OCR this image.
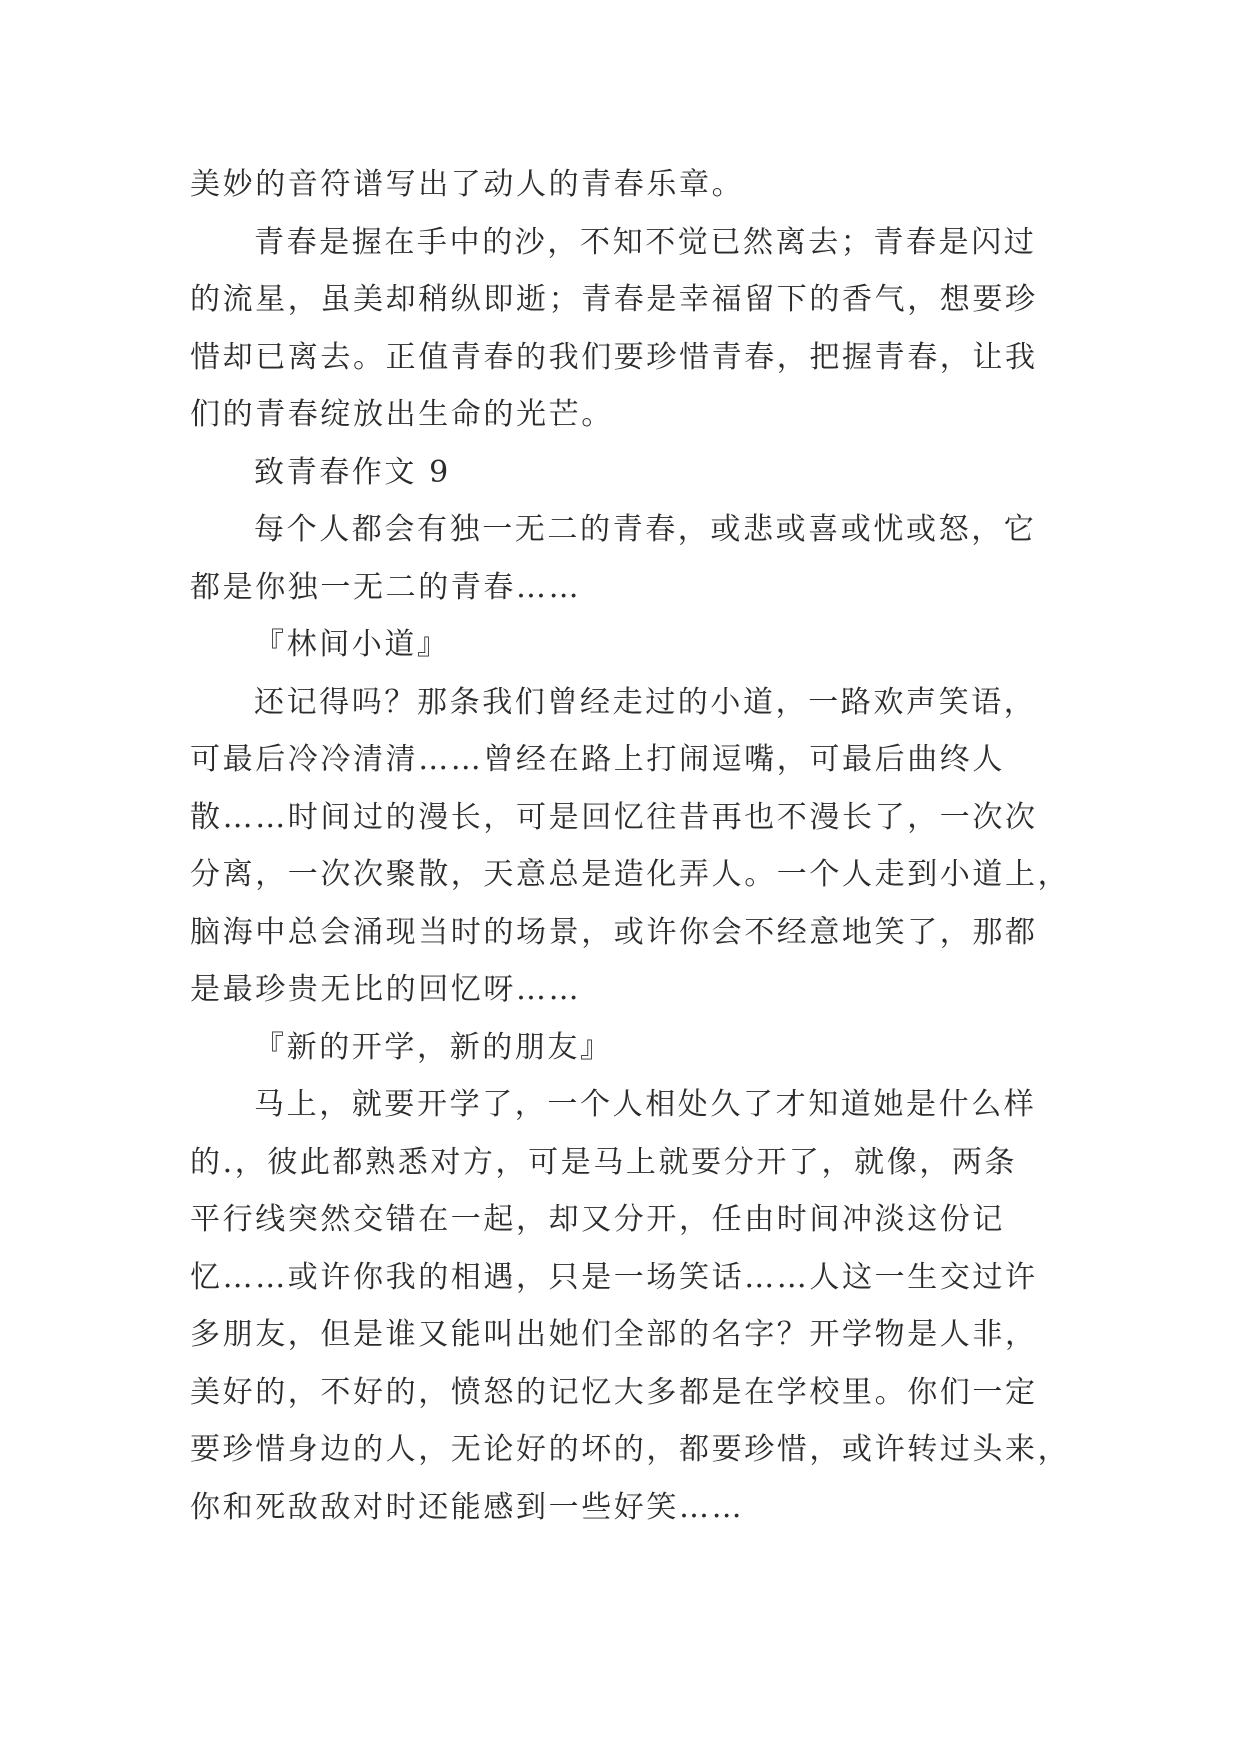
美妙的音符谱写出了动人的青春乐章。
青春是握在手中的沙，不知不觉已然离去；青春是闪过
的流星，虽美却稍纵即逝；青春是幸福留下的香气，想要珍
惜却已离去。正值青春的我们要珍惜青春，把握青春，让我
们的青春绽放出生命的光芒。
致青春作文 9
每个人都会有独一无二的青春，或悲或喜或忧或怒，它
都是你独一无二的青春……
『林间小道』
还记得吗？那条我们曾经走过的小道，一路欢声笑语，
可最后冷冷清清……曾经在路上打闹逗嘴，可最后曲终人
散……时间过的漫长，可是回忆往昔再也不漫长了，一次次
分离，一次次聚散，天意总是造化弄人。一个人走到小道上，
脑海中总会涌现当时的场景，或许你会不经意地笑了，那都
是最珍贵无比的回忆呀……
『新的开学，新的朋友』
马上，就要开学了，一个人相处久了才知道她是什么样
的.，彼此都熟悉对方，可是马上就要分开了，就像，两条
平行线突然交错在一起，却又分开，任由时间冲淡这份记
忆……或许你我的相遇，只是一场笑话……人这一生交过许
多朋友，但是谁又能叫出她们全部的名字？开学物是人非，
美好的，不好的，愤怒的记忆大多都是在学校里。你们一定
要珍惜身边的人，无论好的坏的，都要珍惜，或许转过头来，
你和死敌敌对时还能感到一些好笑……
